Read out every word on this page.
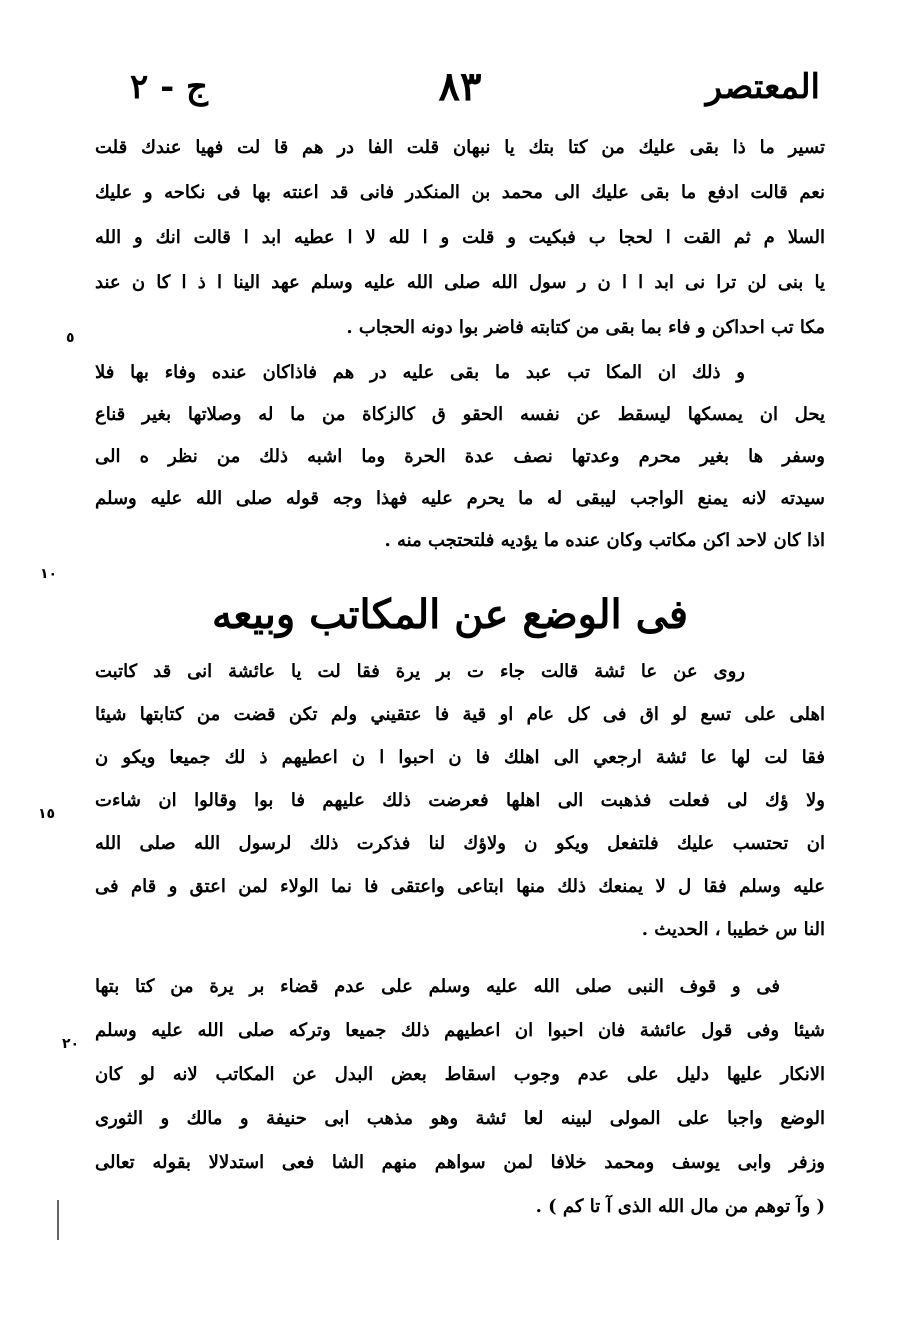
المعتصر
٨٣
ج - ٢
تسير ما ذا بقى عليك من كتا بتك يا نبهان قلت الفا در هم قا لت فهيا عندك قلت
نعم قالت ادفع ما بقى عليك الى محمد بن المنكدر فانى قد اعنته بها فى نكاحه و عليك
السلا م ثم القت ا لحجا ب فبكيت و قلت و ا لله لا ا عطيه ابد ا قالت انك و الله
يا بنى لن ترا نى ابد ا ا ن ر سول الله صلى الله عليه وسلم عهد الينا ا ذ ا كا ن عند
مكا تب احداكن و فاء بما بقى من كتابته فاضر بوا دونه الحجاب .
و ذلك ان المكا تب عبد ما بقى عليه در هم فاذاكان عنده وفاء بها فلا
يحل ان يمسكها ليسقط عن نفسه الحقو ق كالزكاة من ما له وصلاتها بغير قناع
وسفر ها بغير محرم وعدتها نصف عدة الحرة وما اشبه ذلك من نظر ه الى
سيدته لانه يمنع الواجب ليبقى له ما يحرم عليه فهذا وجه قوله صلى الله عليه وسلم
اذا كان لاحد اكن مكاتب وكان عنده ما يؤديه فلتحتجب منه .
فى الوضع عن المكاتب وبيعه
روى عن عا ئشة قالت جاء ت بر يرة فقا لت يا عائشة انى قد كاتبت
اهلى على تسع لو اق فى كل عام او قية فا عتقيني ولم تكن قضت من كتابتها شيئا
فقا لت لها عا ئشة ارجعي الى اهلك فا ن احبوا ا ن اعطيهم ذ لك جميعا ويكو ن
ولا ؤك لى فعلت فذهبت الى اهلها فعرضت ذلك عليهم فا بوا وقالوا ان شاءت
ان تحتسب عليك فلتفعل ويكو ن ولاؤك لنا فذكرت ذلك لرسول الله صلى الله
عليه وسلم فقا ل لا يمنعك ذلك منها ابتاعى واعتقى فا نما الولاء لمن اعتق و قام فى
النا س خطيبا ، الحديث .
فى و قوف النبى صلى الله عليه وسلم على عدم قضاء بر يرة من كتا بتها
شيئا وفى قول عائشة فان احبوا ان اعطيهم ذلك جميعا وتركه صلى الله عليه وسلم
الانكار عليها دليل على عدم وجوب اسقاط بعض البدل عن المكاتب لانه لو كان
الوضع واجبا على المولى لبينه لعا ئشة وهو مذهب ابى حنيفة و مالك و الثورى
وزفر وابى يوسف ومحمد خلافا لمن سواهم منهم الشا فعى استدلالا بقوله تعالى
( وآ توهم من مال الله الذى آ تا كم ) .
٥
١٠
١٥
٢٠
